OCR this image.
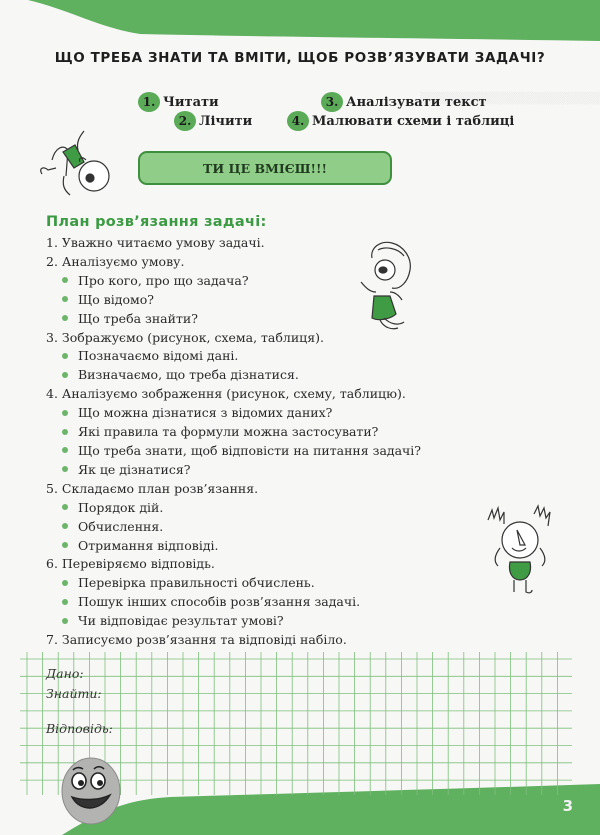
ЩО ТРЕБА ЗНАТИ ТА ВМІТИ, ЩОБ РОЗВ’ЯЗУВАТИ ЗАДАЧІ?
1. Читати
2. Лічити
3. Аналізувати текст
4. Малювати схеми і таблиці
ТИ ЦЕ ВМІЄШ!!!
План розв’язання задачі:
1. Уважно читаємо умову задачі.
2. Аналізуємо умову.
Про кого, про що задача?
Що відомо?
Що треба знайти?
3. Зображуємо (рисунок, схема, таблиця).
Позначаємо відомі дані.
Визначаємо, що треба дізнатися.
4. Аналізуємо зображення (рисунок, схему, таблицю).
Що можна дізнатися з відомих даних?
Які правила та формули можна застосувати?
Що треба знати, щоб відповісти на питання задачі?
Як це дізнатися?
5. Складаємо план розв’язання.
Порядок дій.
Обчислення.
Отримання відповіді.
6. Перевіряємо відповідь.
Перевірка правильності обчислень.
Пошук інших способів розв’язання задачі.
Чи відповідає результат умові?
7. Записуємо розв’язання та відповіді набіло.
Дано:
Знайти:
Відповідь:
3
